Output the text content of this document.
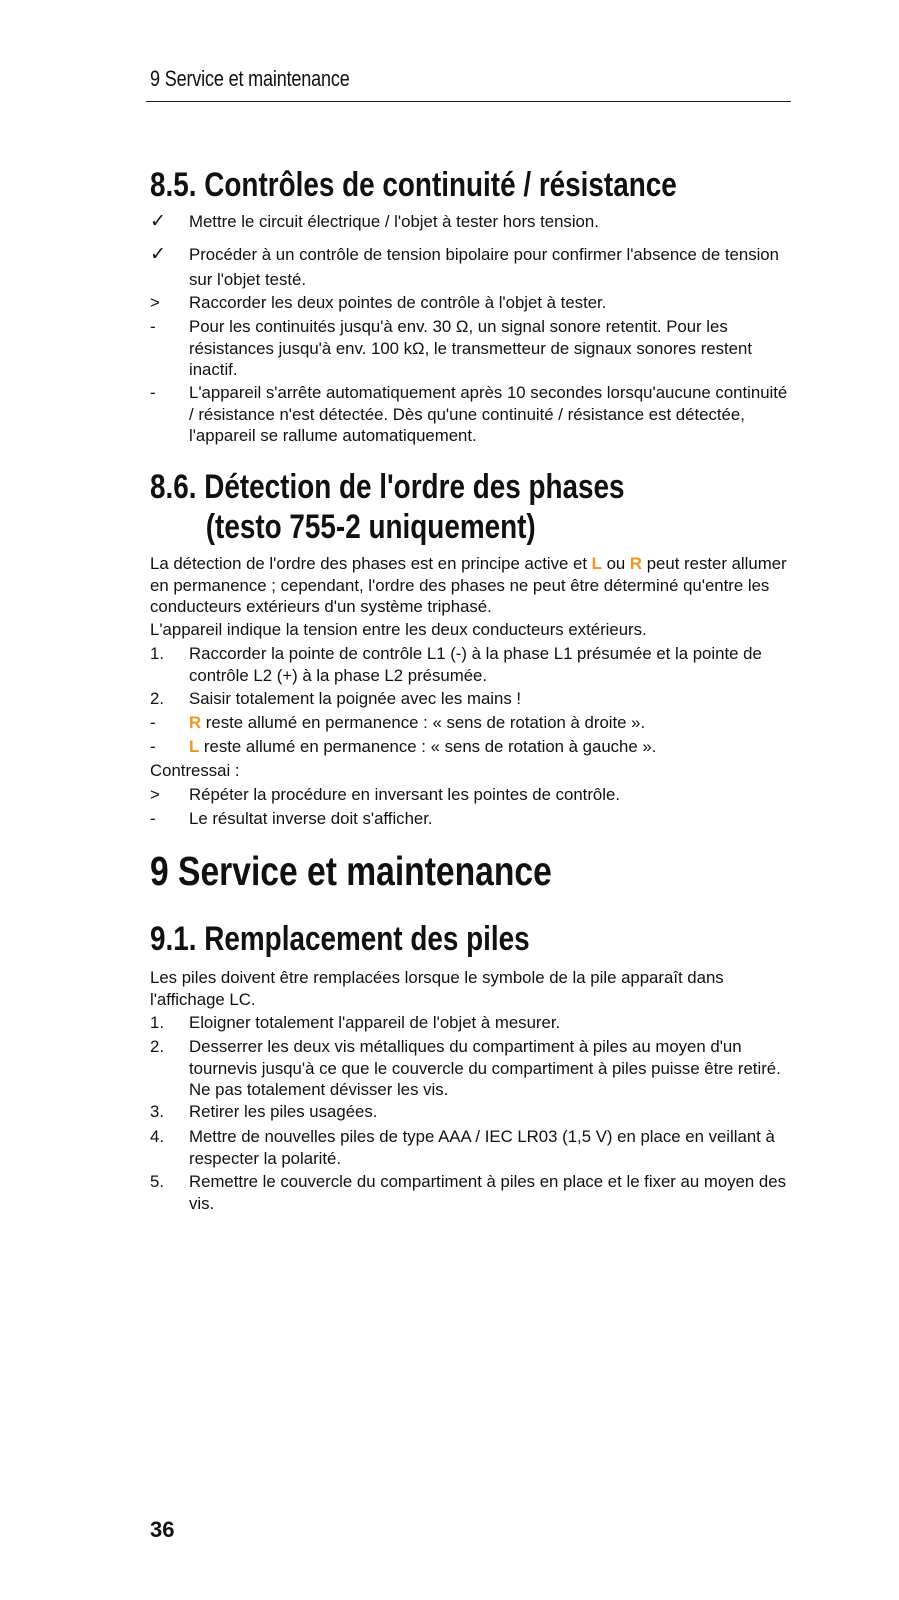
9 Service et maintenance
8.5. Contrôles de continuité / résistance
✓	Mettre le circuit électrique / l'objet à tester hors tension.
✓	Procéder à un contrôle de tension bipolaire pour confirmer l'absence de tension sur l'objet testé.
>	Raccorder les deux pointes de contrôle à l'objet à tester.
-	Pour les continuités jusqu'à env. 30 Ω, un signal sonore retentit. Pour les résistances jusqu'à env. 100 kΩ, le transmetteur de signaux sonores restent inactif.
-	L'appareil s'arrête automatiquement après 10 secondes lorsqu'aucune continuité / résistance n'est détectée. Dès qu'une continuité / résistance est détectée, l'appareil se rallume automatiquement.
8.6. Détection de l'ordre des phases
(testo 755-2 uniquement)

La détection de l'ordre des phases est en principe active et L ou R peut rester allumer en permanence ; cependant, l'ordre des phases ne peut être déterminé qu'entre les conducteurs extérieurs d'un système triphasé.

L'appareil indique la tension entre les deux conducteurs extérieurs.

1.	Raccorder la pointe de contrôle L1 (-) à la phase L1 présumée et la pointe de contrôle L2 (+) à la phase L2 présumée.
2.	Saisir totalement la poignée avec les mains !
-	R reste allumé en permanence : « sens de rotation à droite ».
-	L reste allumé en permanence : « sens de rotation à gauche ».

Contressai :

>	Répéter la procédure en inversant les pointes de contrôle.
-	Le résultat inverse doit s'afficher.
9 Service et maintenance
9.1. Remplacement des piles

Les piles doivent être remplacées lorsque le symbole de la pile apparaît dans l'affichage LC.

1.	Eloigner totalement l'appareil de l'objet à mesurer.
2.	Desserrer les deux vis métalliques du compartiment à piles au moyen d'un tournevis jusqu'à ce que le couvercle du compartiment à piles puisse être retiré. Ne pas totalement dévisser les vis.
3.	Retirer les piles usagées.
4.	Mettre de nouvelles piles de type AAA / IEC LR03 (1,5 V) en place en veillant à respecter la polarité.
5.	Remettre le couvercle du compartiment à piles en place et le fixer au moyen des vis.
36
